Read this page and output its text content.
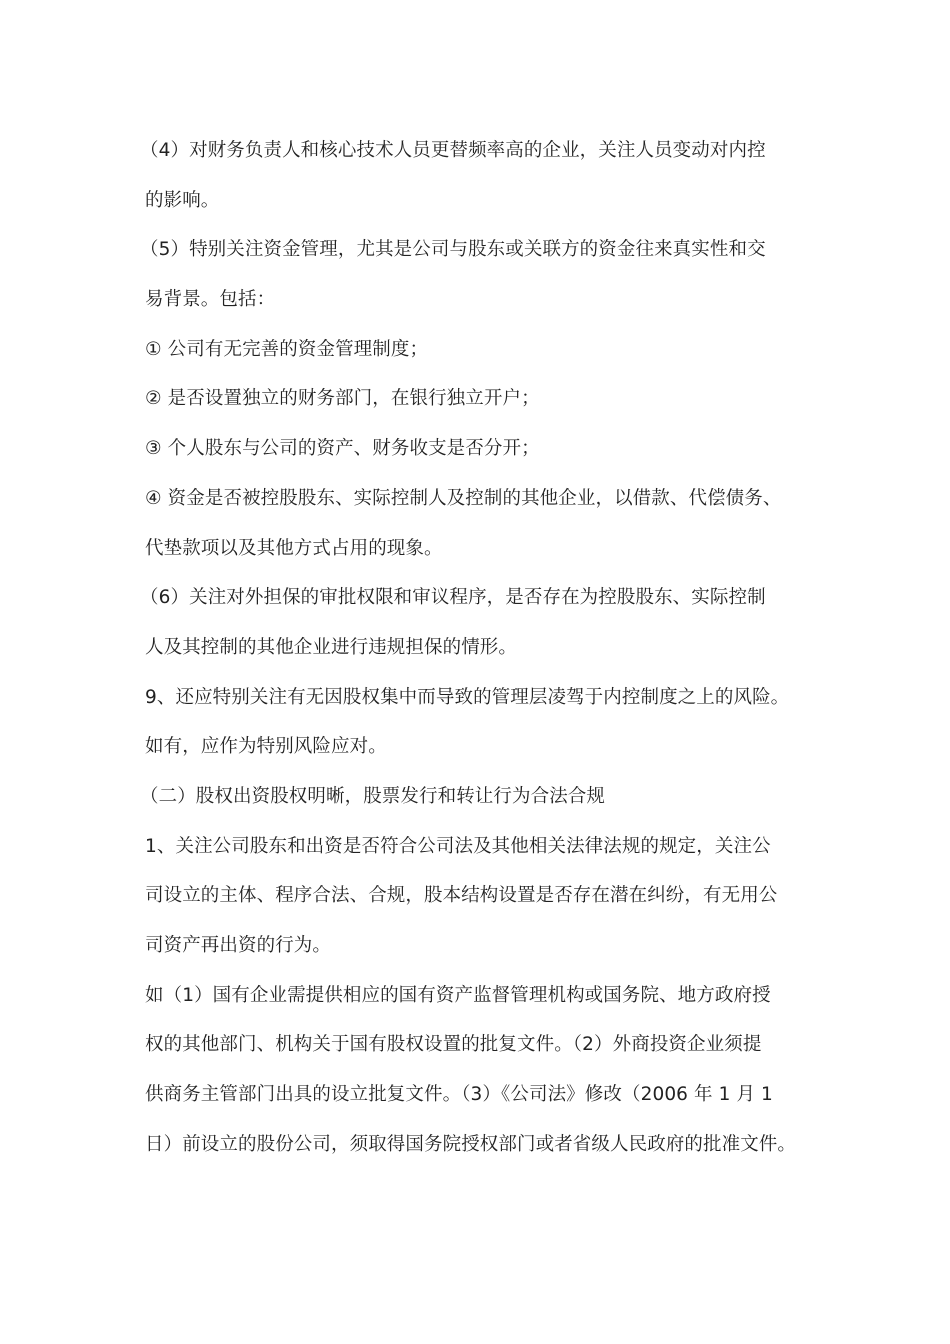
（4）对财务负责人和核心技术人员更替频率高的企业，关注人员变动对内控
的影响。
（5）特别关注资金管理，尤其是公司与股东或关联方的资金往来真实性和交
易背景。包括：
① 公司有无完善的资金管理制度；
② 是否设置独立的财务部门，在银行独立开户；
③ 个人股东与公司的资产、财务收支是否分开；
④ 资金是否被控股股东、实际控制人及控制的其他企业，以借款、代偿债务、
代垫款项以及其他方式占用的现象。
（6）关注对外担保的审批权限和审议程序，是否存在为控股股东、实际控制
人及其控制的其他企业进行违规担保的情形。
9、还应特别关注有无因股权集中而导致的管理层凌驾于内控制度之上的风险。
如有，应作为特别风险应对。
（二）股权出资股权明晰，股票发行和转让行为合法合规
1、关注公司股东和出资是否符合公司法及其他相关法律法规的规定，关注公
司设立的主体、程序合法、合规，股本结构设置是否存在潜在纠纷，有无用公
司资产再出资的行为。
如（1）国有企业需提供相应的国有资产监督管理机构或国务院、地方政府授
权的其他部门、机构关于国有股权设置的批复文件。（2）外商投资企业须提
供商务主管部门出具的设立批复文件。（3）《公司法》修改（2006 年 1 月 1
日）前设立的股份公司，须取得国务院授权部门或者省级人民政府的批准文件。
